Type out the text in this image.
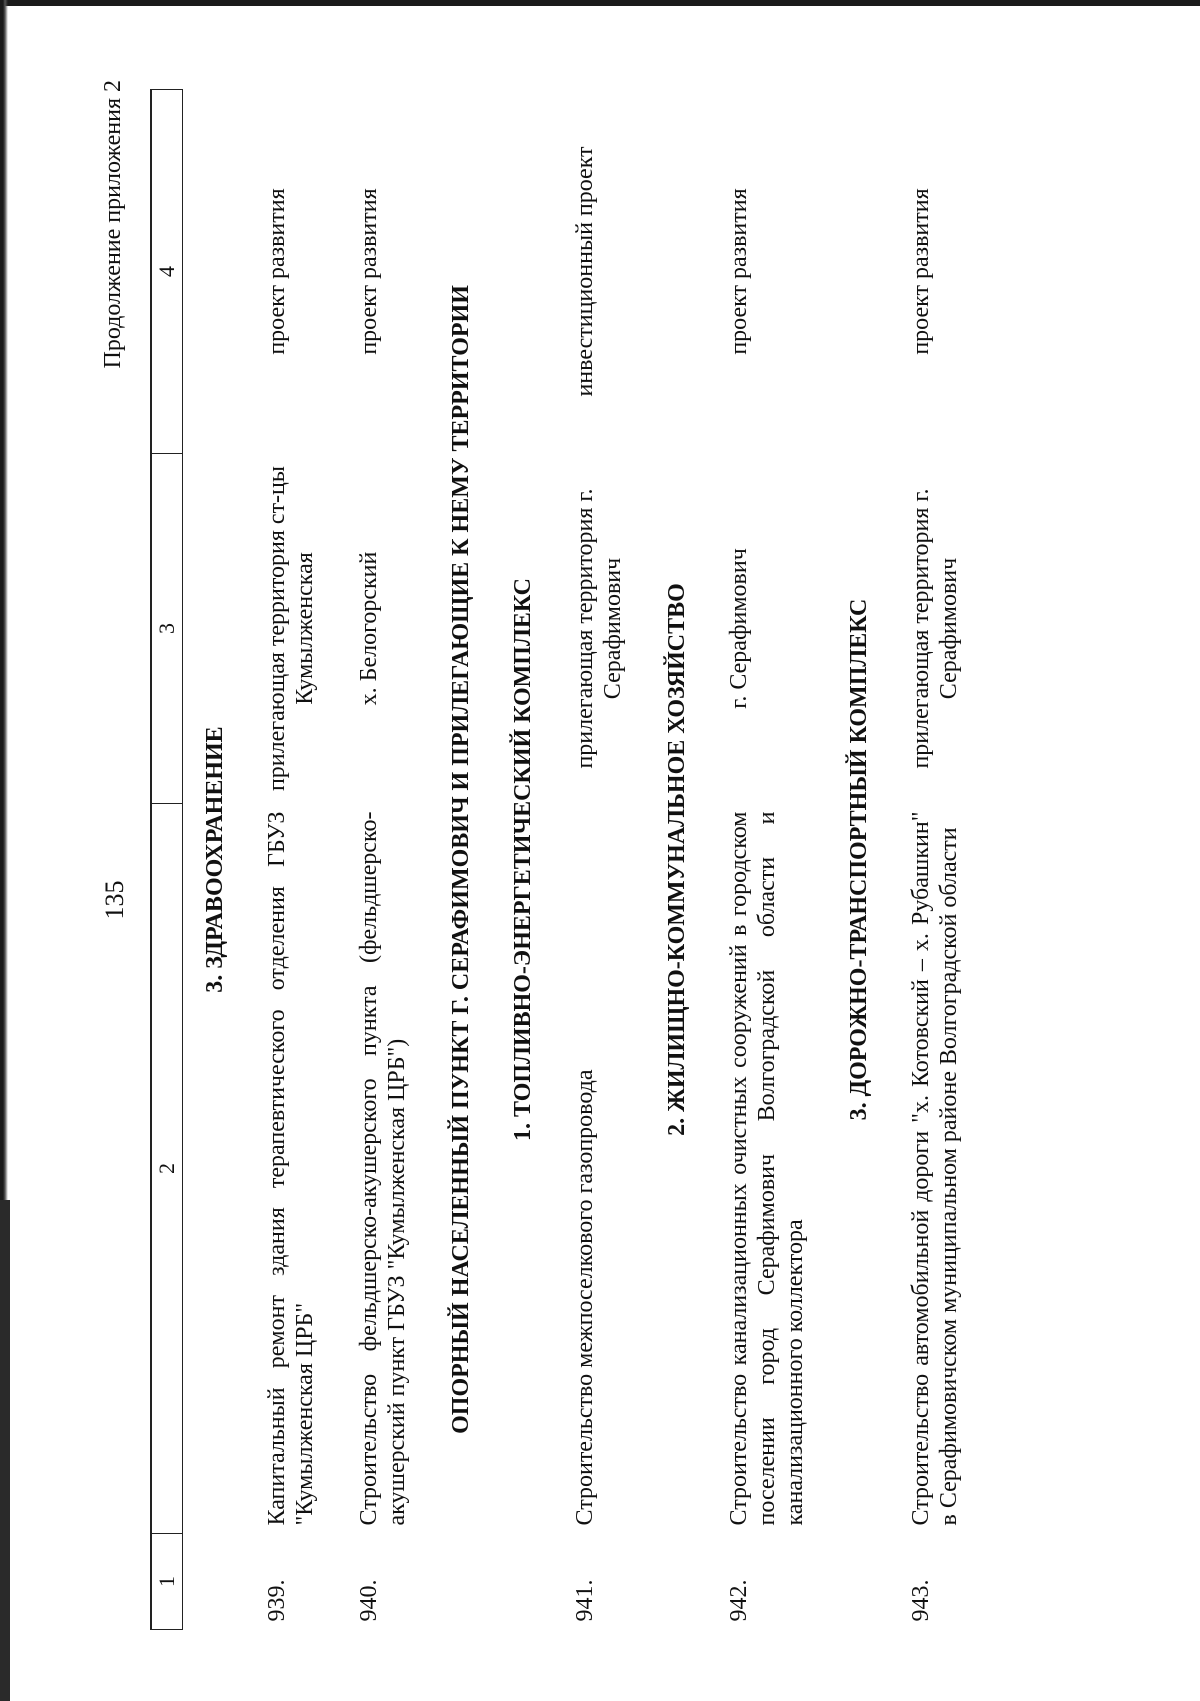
135
Продолжение приложения 2
1	2	3	4
3. ЗДРАВООХРАНЕНИЕ			
939.	Капитальный ремонт здания терапевтического отделения ГБУЗ "Кумылженская ЦРБ"	прилегающая территория ст-цы Кумылженская	проект развития
940.	Строительство фельдшерско-акушерского пункта (фельдшерско-акушерский пункт ГБУЗ "Кумылженская ЦРБ")	х. Белогорский	проект развития
ОПОРНЫЙ НАСЕЛЕННЫЙ ПУНКТ Г. СЕРАФИМОВИЧ И ПРИЛЕГАЮЩИЕ К НЕМУ ТЕРРИТОРИИ			
1. ТОПЛИВНО-ЭНЕРГЕТИЧЕСКИЙ КОМПЛЕКС			
941.	Строительство межпоселкового газопровода	прилегающая территория г. Серафимович	инвестиционный проект
2. ЖИЛИЩНО-КОММУНАЛЬНОЕ ХОЗЯЙСТВО			
942.	Строительство канализационных очистных сооружений в городском поселении город Серафимович Волгоградской области и канализационного коллектора	г. Серафимович	проект развития
3. ДОРОЖНО-ТРАНСПОРТНЫЙ КОМПЛЕКС			
943.	Строительство автомобильной дороги "х. Котовский – х. Рубашкин" в Серафимовичском муниципальном районе Волгоградской области	прилегающая территория г. Серафимович	проект развития
